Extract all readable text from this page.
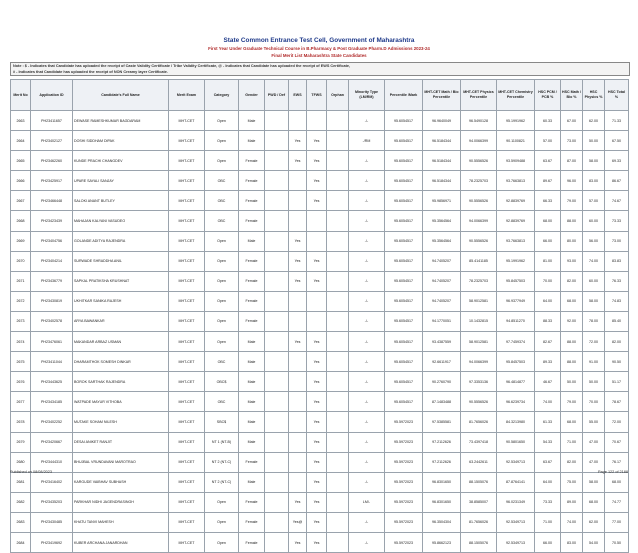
State Common Entrance Test Cell, Government of Maharashtra
First Year Under Graduate Technical Course in B.Pharmacy & Post Graduate Pharm.D Admissions 2023-24
Final Merit List Maharashtra State Candidates
Note : $ - Indicates that Candidate has uploaded the receipt of Caste Validity Certificate / Tribe Validity Certificate, @ - Indicates that Candidate has uploaded the receipt of EWS Certificate,
# - Indicates that Candidate has uploaded the receipt of NON Creamy layer Certificate.
Merit No	Application ID	Candidate's Full Name	Merit Exam	Category	Gender	PWD / Def	EWS	TFWS	Orphan	Minority Type (LM/RM)	Percentile /Mark	MHT-CET Math / Bio Percentile	MHT-CET Physics Percentile	MHT-CET Chemistry Percentile	HSC PCM / PCB %	HSC Math / Bio %	HSC Physics %	HSC Total %
2663	PH23411657	DEWASE RAMESHKUMAR BAGDARAM	MHT-CET	Open	Male					-/-	95.6054517	96.9640049	96.5490128	95.1991962	60.33	67.00	62.00	71.33
2664	PH23402127	DOSHI SIDDHAM DIPAK	MHT-CET	Open	Male		Yes	Yes		-/RM	95.6054517	96.5184344	94.0066399	90.1100821	57.00	73.00	50.00	67.50
2665	PH23462260	KUNDE PRACHI CHANGDEV	MHT-CET	Open	Female		Yes	Yes		-/-	95.6054517	96.5184344	90.5556526	93.5909488	63.67	87.00	58.00	69.33
2666	PH23425917	UPARE SAYALI SANJAY	MHT-CET	OBC	Female			Yes		-/-	95.6054517	96.5184344	78.2325703	93.7663813	89.67	96.00	83.00	86.67
2667	PH23466448	SALOKI ANANT BUTLEY	MHT-CET	OBC	Female			Yes		-/-	95.6054517	95.9856971	90.5556526	92.8839769	66.33	79.00	57.00	74.67
2668	PH23423439	MAHAJAN KALYANI VASUDEO	MHT-CET	OBC	Female					-/-	95.6054517	95.3564564	94.0066399	92.8839769	68.00	88.00	60.00	73.33
2669	PH23404756	GOLANDE ADITYA RAJENDRA	MHT-CET	Open	Male		Yes			-/-	95.6054517	95.3564564	90.5556526	93.7663813	66.00	80.00	56.00	73.00
2670	PH23404214	SURWADE SHRADDHA ANIL	MHT-CET	Open	Female		Yes	Yes		-/-	95.6054517	94.7405207	85.4141185	95.1991962	81.00	93.00	74.00	83.83
2671	PH23436779	SAPKAL PRATIKSHA KRUSHNAT	MHT-CET	Open	Female		Yes	Yes		-/-	95.6054517	94.7405207	78.2325703	95.8457503	70.00	82.00	60.00	76.33
2672	PH23430819	UKHITKAR SANIKA RAJESH	MHT-CET	Open	Female					-/-	95.6054517	94.7405207	58.9012581	96.9377949	64.00	68.00	58.00	74.83
2673	PH23402578	ARYA BAWANKAR	MHT-CET	Open	Female					-/-	95.6054517	94.1770051	10.1432815	94.8511270	88.33	92.00	78.00	85.40
2674	PH23476061	MAKANDAR ARBAZ USMAN	MHT-CET	Open	Male		Yes	Yes		-/-	95.6054517	93.4387559	58.9012581	97.7459374	82.67	88.00	72.00	82.00
2675	PH23411044	DHARAMTHOK SOMESH DINKAR	MHT-CET	OBC	Male			Yes		-/-	95.6054517	92.6611917	94.0066399	95.8457503	89.33	88.00	91.00	90.50
2676	PH23443625	BOROK SARTHAK RAJENDRA	MHT-CET	OBC$	Male			Yes		-/-	95.6054517	90.2760790	97.3353136	96.4814877	46.67	50.00	50.00	51.17
2677	PH23434185	WATPADE MAYUR VITHOBA	MHT-CET	OBC	Male			Yes		-/-	95.6054517	87.1483488	90.5556526	96.6239734	74.00	79.00	70.00	78.67
2678	PH23402252	MUTAKE SOHAM NILESH	MHT-CET	SBC$	Male			Yes		-/-	95.5972023	97.5385581	81.7656026	84.3213980	61.33	68.00	55.00	72.00
2679	PH23420667	DESAI ANIKET RANJIT	MHT-CET	NT 1 (NT-B)	Male			Yes		-/-	95.5972023	97.2112626	73.4397418	90.5801650	54.33	71.00	47.00	70.67
2680	PH23444310	BHUJBAL VRUNDAVANI MAROTRAO	MHT-CET	NT 2 (NT-C)	Female			Yes		-/-	95.5972023	97.2112626	63.2442611	92.5349713	63.67	82.00	47.00	76.17
2681	PH23416402	KARGUDE VAIBHAV SUBHASH	MHT-CET	NT 2 (NT-C)	Male			Yes		-/-	95.5972023	96.8301650	88.1505076	87.8764141	64.00	75.00	58.00	68.00
2682	PH23435203	PARKHAR NIDHI JAGENDRASINGH	MHT-CET	Open	Female		Yes	Yes		LM/-	95.5972023	96.8301650	38.8585007	96.0231349	73.33	89.00	68.00	74.77
2683	PH23430485	KHATU TANVI MAHESH	MHT-CET	Open	Female		Yes@	Yes		-/-	95.5972023	96.3504304	81.7656026	92.5349713	71.00	74.00	62.00	77.00
2684	PH23419692	KUBER ARCHANA JANARDHAN	MHT-CET	Open	Female		Yes	Yes		-/-	95.5972023	95.8662123	88.1505076	92.5349713	66.00	83.00	54.00	70.50
Published on 08/08/2023	Page 122 of 2188
